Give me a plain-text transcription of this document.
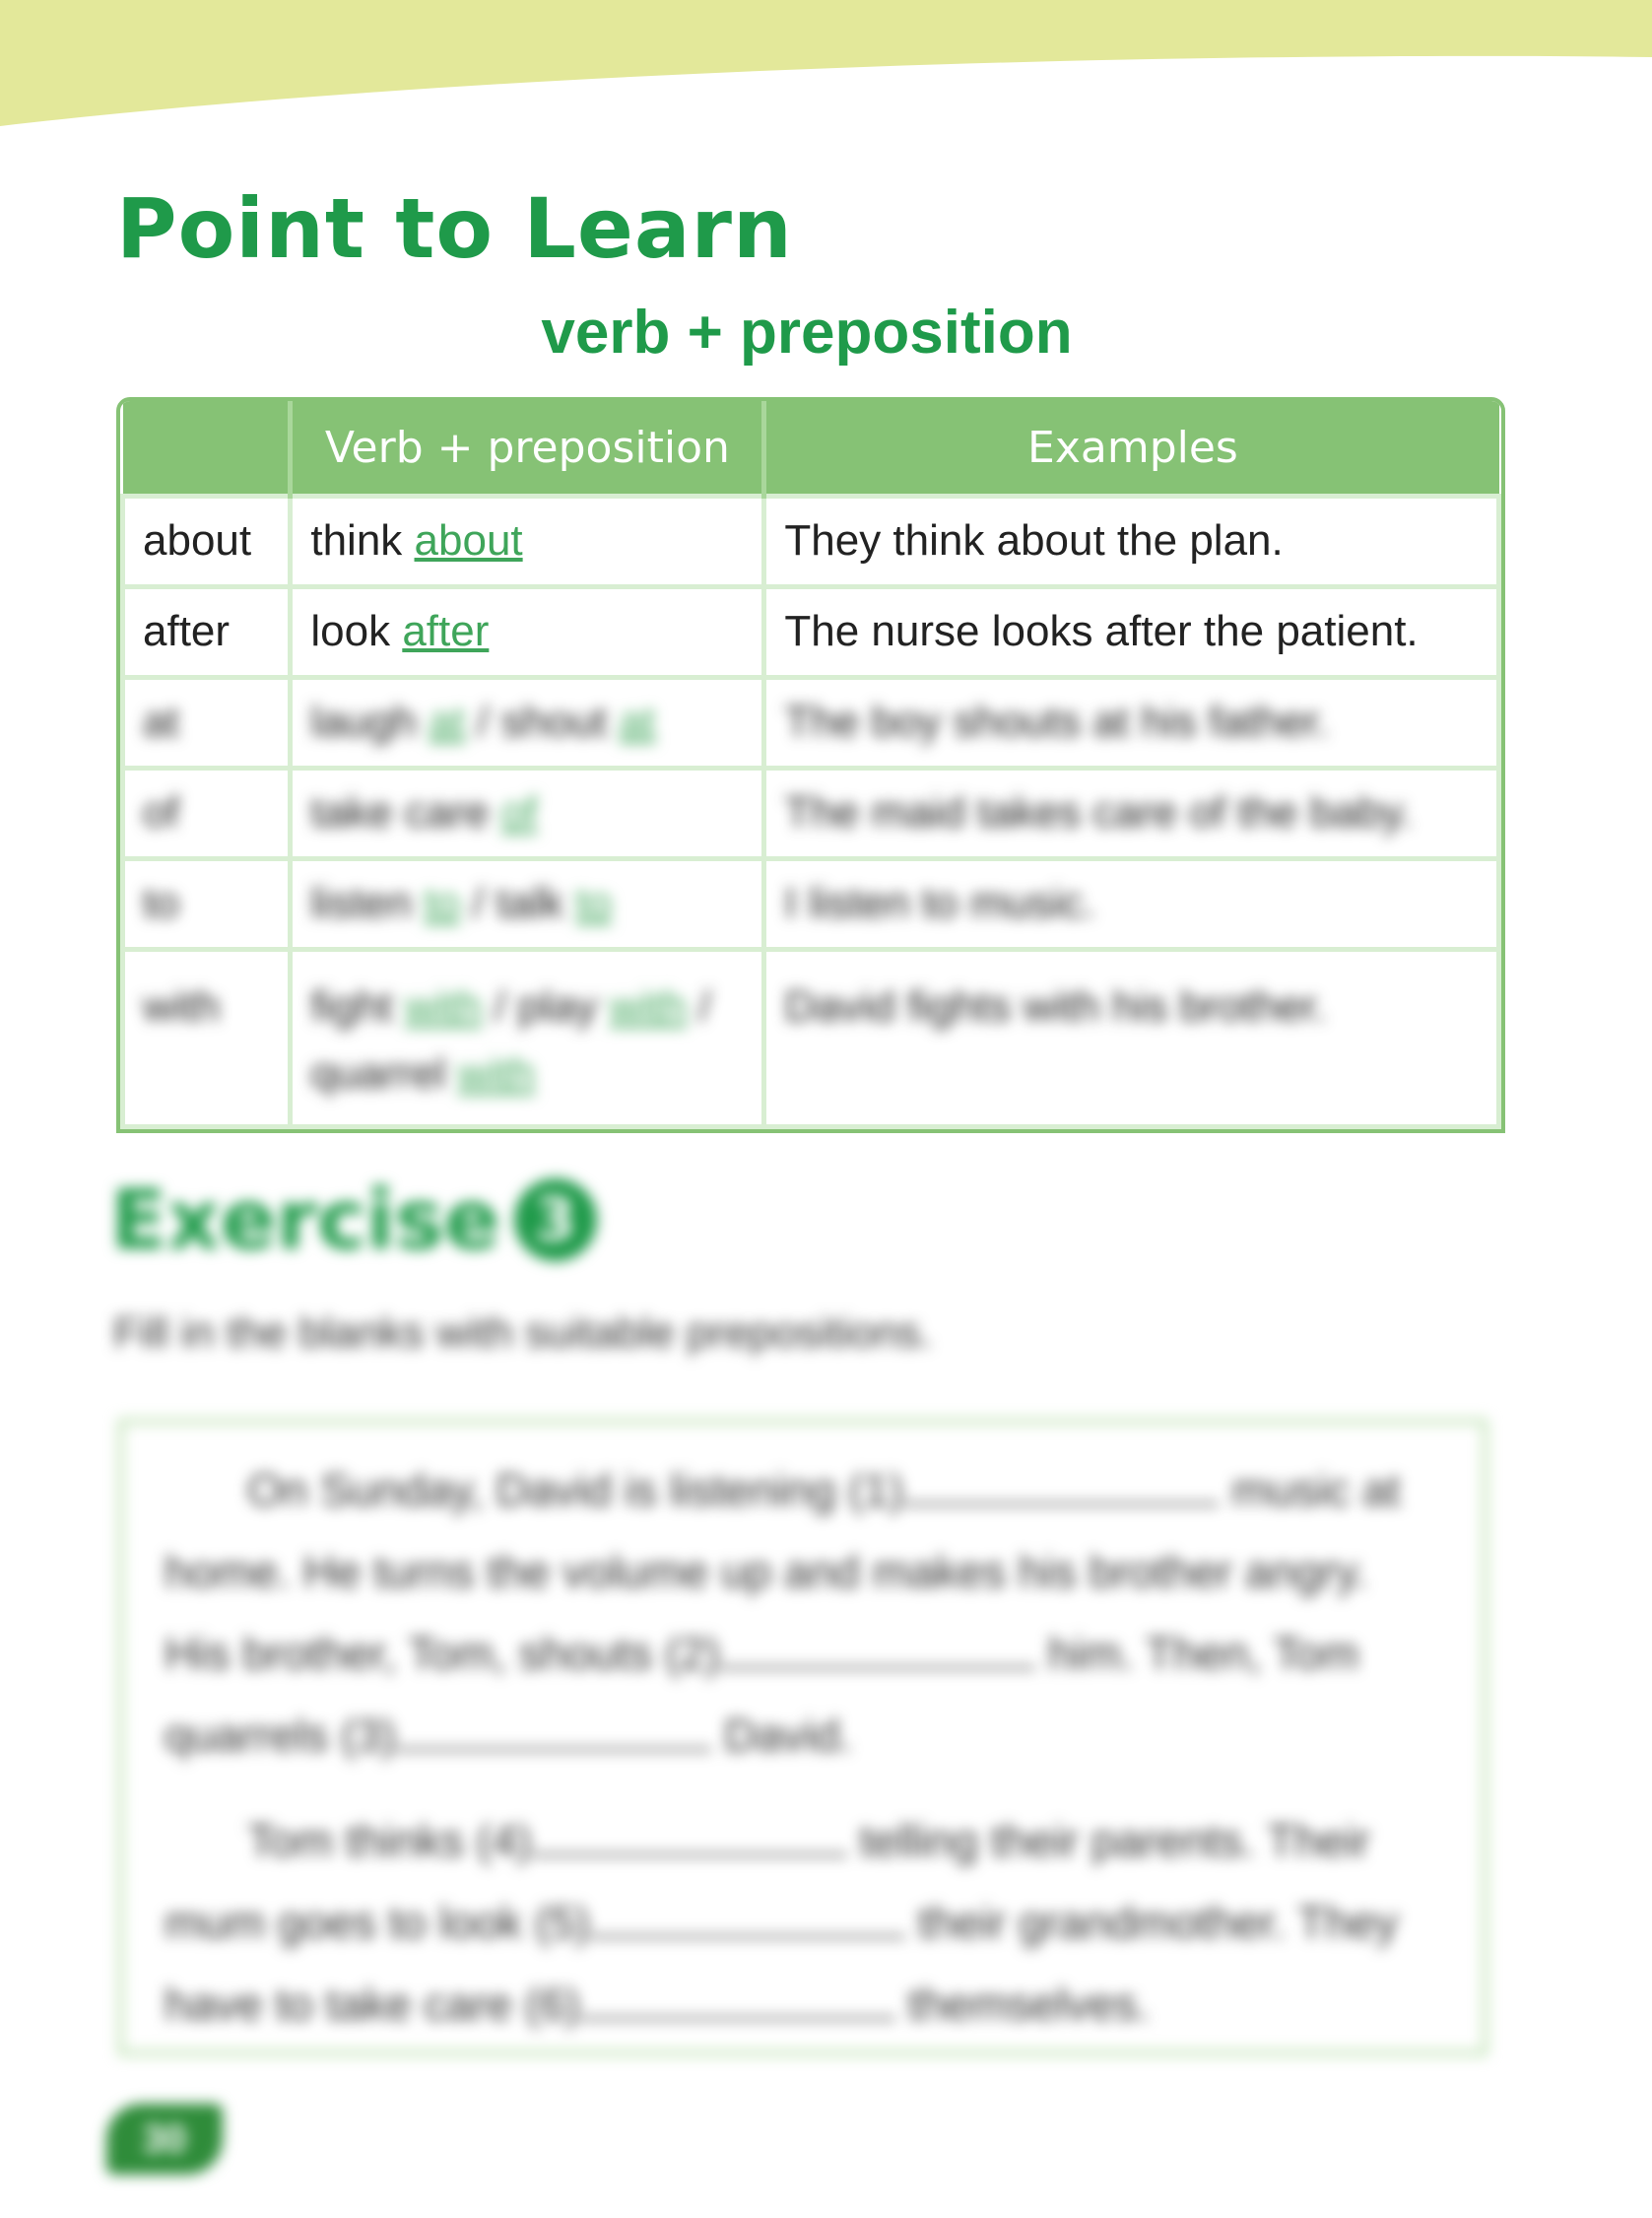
Point to Learn
verb + preposition
	Verb + preposition	Examples
about	think about	They think about the plan.
after	look after	The nurse looks after the patient.
at	laugh at / shout at	The boy shouts at his father.
of	take care of	The maid takes care of the baby.
to	listen to / talk to	I listen to music.
with	fight with / play with / quarrel with	David fights with his brother.
Exercise 3
Fill in the blanks with suitable prepositions.

On Sunday, David is listening (1)	music at home. He turns the volume up and makes his brother angry. His brother, Tom, shouts (2)	him. Then, Tom quarrels (3)	David.

Tom thinks (4)	telling their parents. Their mum goes to look (5)	their grandmother. They have to take care (6)	themselves.

30
